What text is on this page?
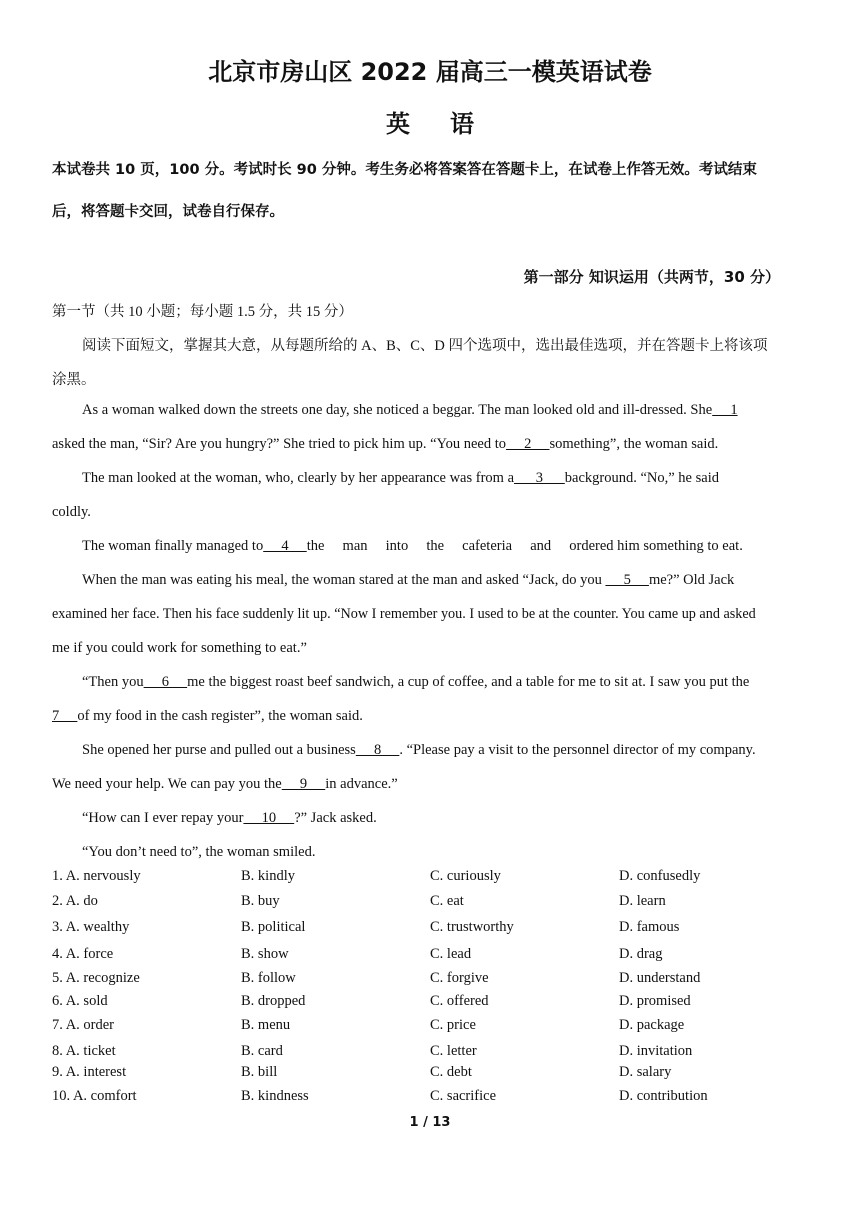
北京市房山区 2022 届高三一模英语试卷
英语
本试卷共 10 页，100 分。考试时长 90 分钟。考生务必将答案答在答题卡上，在试卷上作答无效。考试结束
后，将答题卡交回，试卷自行保存。
第一部分 知识运用（共两节，30 分）
第一节（共 10 小题；每小题 1.5 分，共 15 分）
阅读下面短文，掌握其大意，从每题所给的 A、B、C、D 四个选项中，选出最佳选项，并在答题卡上将该项
涂黑。
As a woman walked down the streets one day, she noticed a beggar. The man looked old and ill-dressed. She     1
asked the man, “Sir? Are you hungry?” She tried to pick him up. “You need to     2     something”, the woman said.
The man looked at the woman, who, clearly by her appearance was from a      3      background. “No,” he said
coldly.
The woman finally managed to     4     the man into the cafeteria and ordered him something to eat.
When the man was eating his meal, the woman stared at the man and asked “Jack, do you      5     me?” Old Jack
examined her face. Then his face suddenly lit up. “Now I remember you. I used to be at the counter. You came up and asked
me if you could work for something to eat.”
“Then you     6     me the biggest roast beef sandwich, a cup of coffee, and a table for me to sit at. I saw you put the
7     of my food in the cash register”, the woman said.
She opened her purse and pulled out a business     8     . “Please pay a visit to the personnel director of my company.
We need your help. We can pay you the     9     in advance.”
“How can I ever repay your     10     ?” Jack asked.
“You don’t need to”, the woman smiled.
1. A. nervously	B. kindly	C. curiously	D. confusedly
2. A. do	B. buy	C. eat	D. learn
3. A. wealthy	B. political	C. trustworthy	D. famous
4. A. force	B. show	C. lead	D. drag
5. A. recognize	B. follow	C. forgive	D. understand
6. A. sold	B. dropped	C. offered	D. promised
7. A. order	B. menu	C. price	D. package
8. A. ticket	B. card	C. letter	D. invitation
9. A. interest	B. bill	C. debt	D. salary
10. A. comfort	B. kindness	C. sacrifice	D. contribution
1 / 13
